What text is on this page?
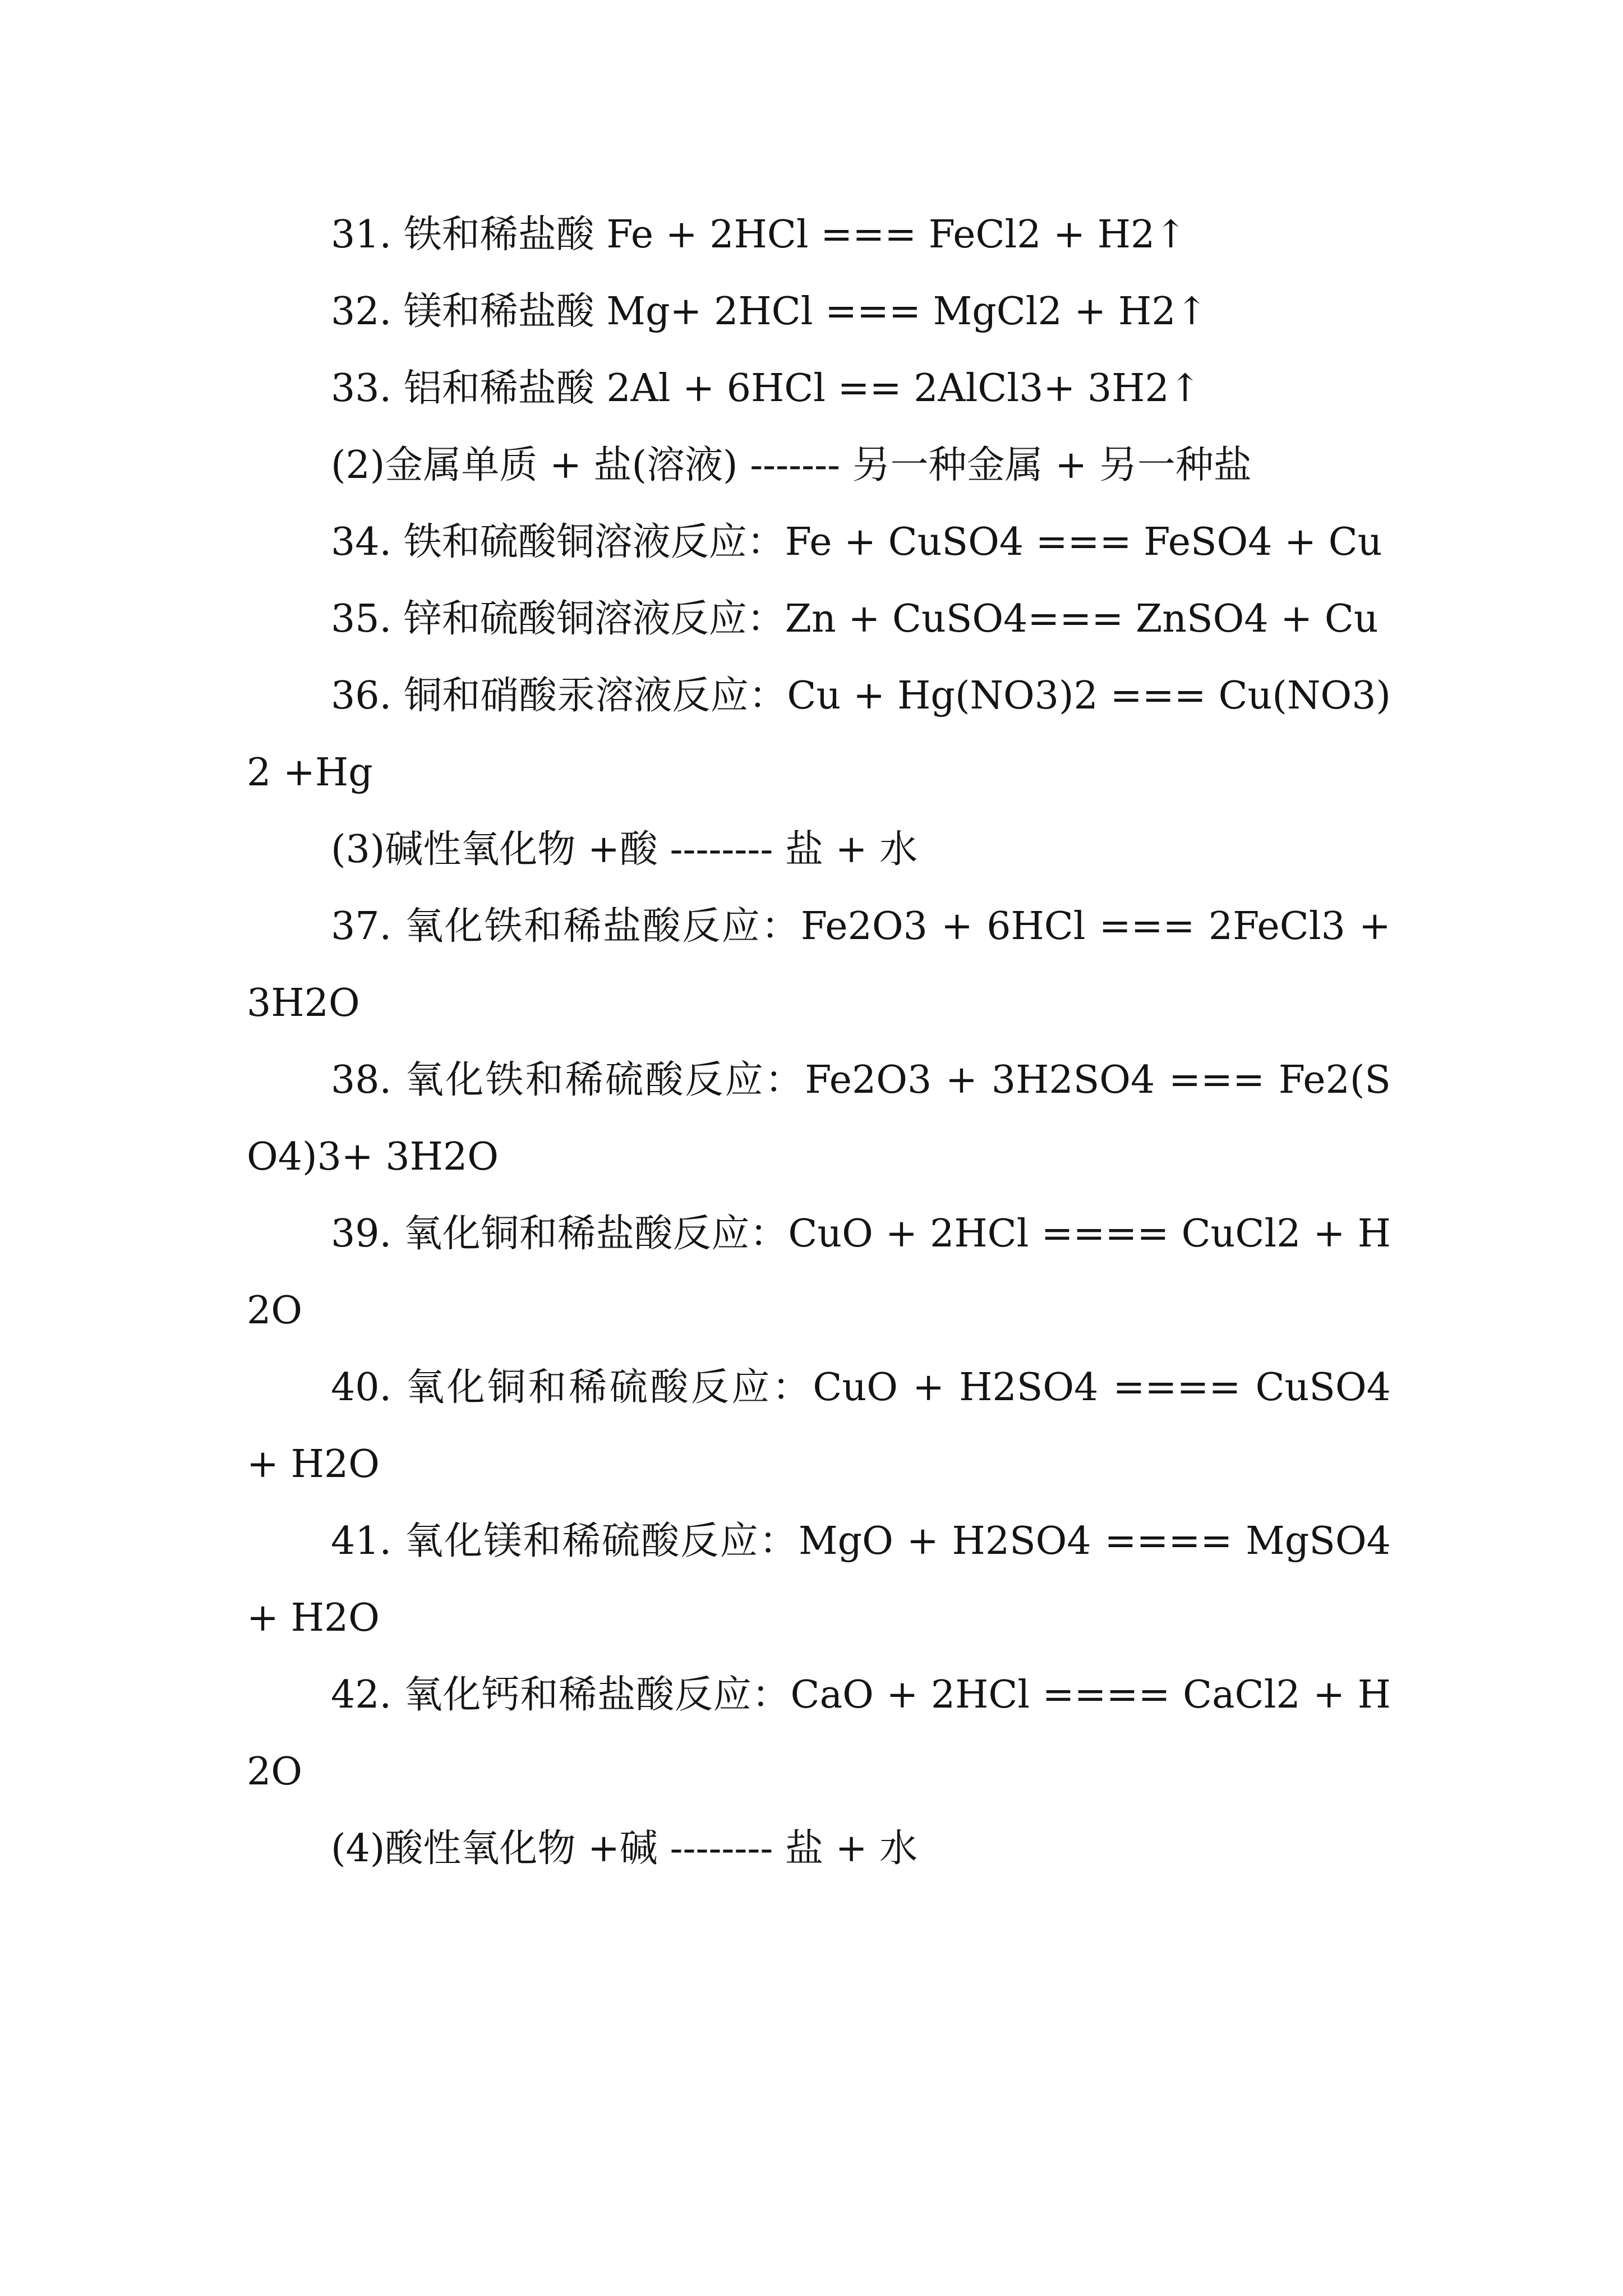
31. 铁和稀盐酸 Fe + 2HCl === FeCl2 + H2↑

32. 镁和稀盐酸 Mg+ 2HCl === MgCl2 + H2↑

33. 铝和稀盐酸 2Al + 6HCl == 2AlCl3+ 3H2↑

(2)金属单质 + 盐(溶液) ------- 另一种金属 + 另一种盐

34. 铁和硫酸铜溶液反应：Fe + CuSO4 === FeSO4 + Cu

35. 锌和硫酸铜溶液反应：Zn + CuSO4=== ZnSO4 + Cu

36. 铜和硝酸汞溶液反应：Cu + Hg(NO3)2 === Cu(NO3)2 +Hg

(3)碱性氧化物 +酸 -------- 盐 + 水

37. 氧化铁和稀盐酸反应：Fe2O3 + 6HCl === 2FeCl3 + 3H2O

38. 氧化铁和稀硫酸反应：Fe2O3 + 3H2SO4 === Fe2(SO4)3+ 3H2O

39. 氧化铜和稀盐酸反应：CuO + 2HCl ==== CuCl2 + H2O

40. 氧化铜和稀硫酸反应：CuO + H2SO4 ==== CuSO4 + H2O

41. 氧化镁和稀硫酸反应：MgO + H2SO4 ==== MgSO4 + H2O

42. 氧化钙和稀盐酸反应：CaO + 2HCl ==== CaCl2 + H2O

(4)酸性氧化物 +碱 -------- 盐 + 水
